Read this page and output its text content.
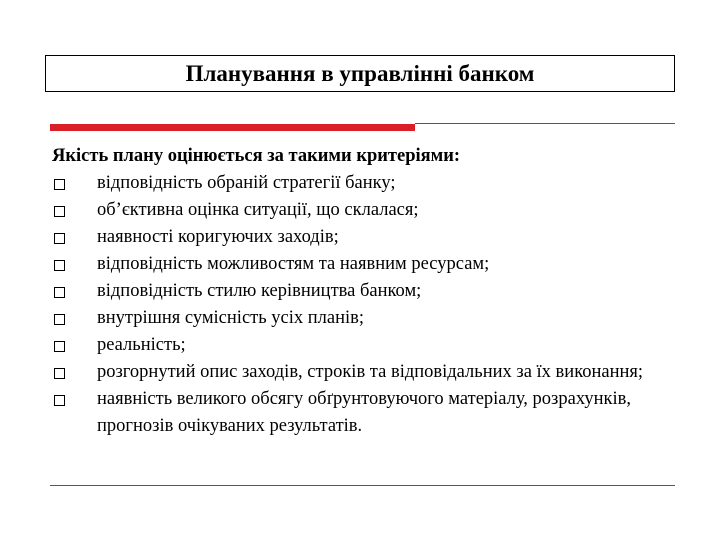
Планування в управлінні банком
Якість плану оцінюється за такими критеріями:
відповідність обраній стратегії банку;
об’єктивна оцінка ситуації, що склалася;
наявності коригуючих заходів;
відповідність можливостям та наявним ресурсам;
відповідність стилю керівництва банком;
внутрішня сумісність усіх планів;
реальність;
розгорнутий опис заходів, строків та відповідальних за їх виконання;
наявність великого обсягу обґрунтовуючого матеріалу, розрахунків, прогнозів очікуваних результатів.
